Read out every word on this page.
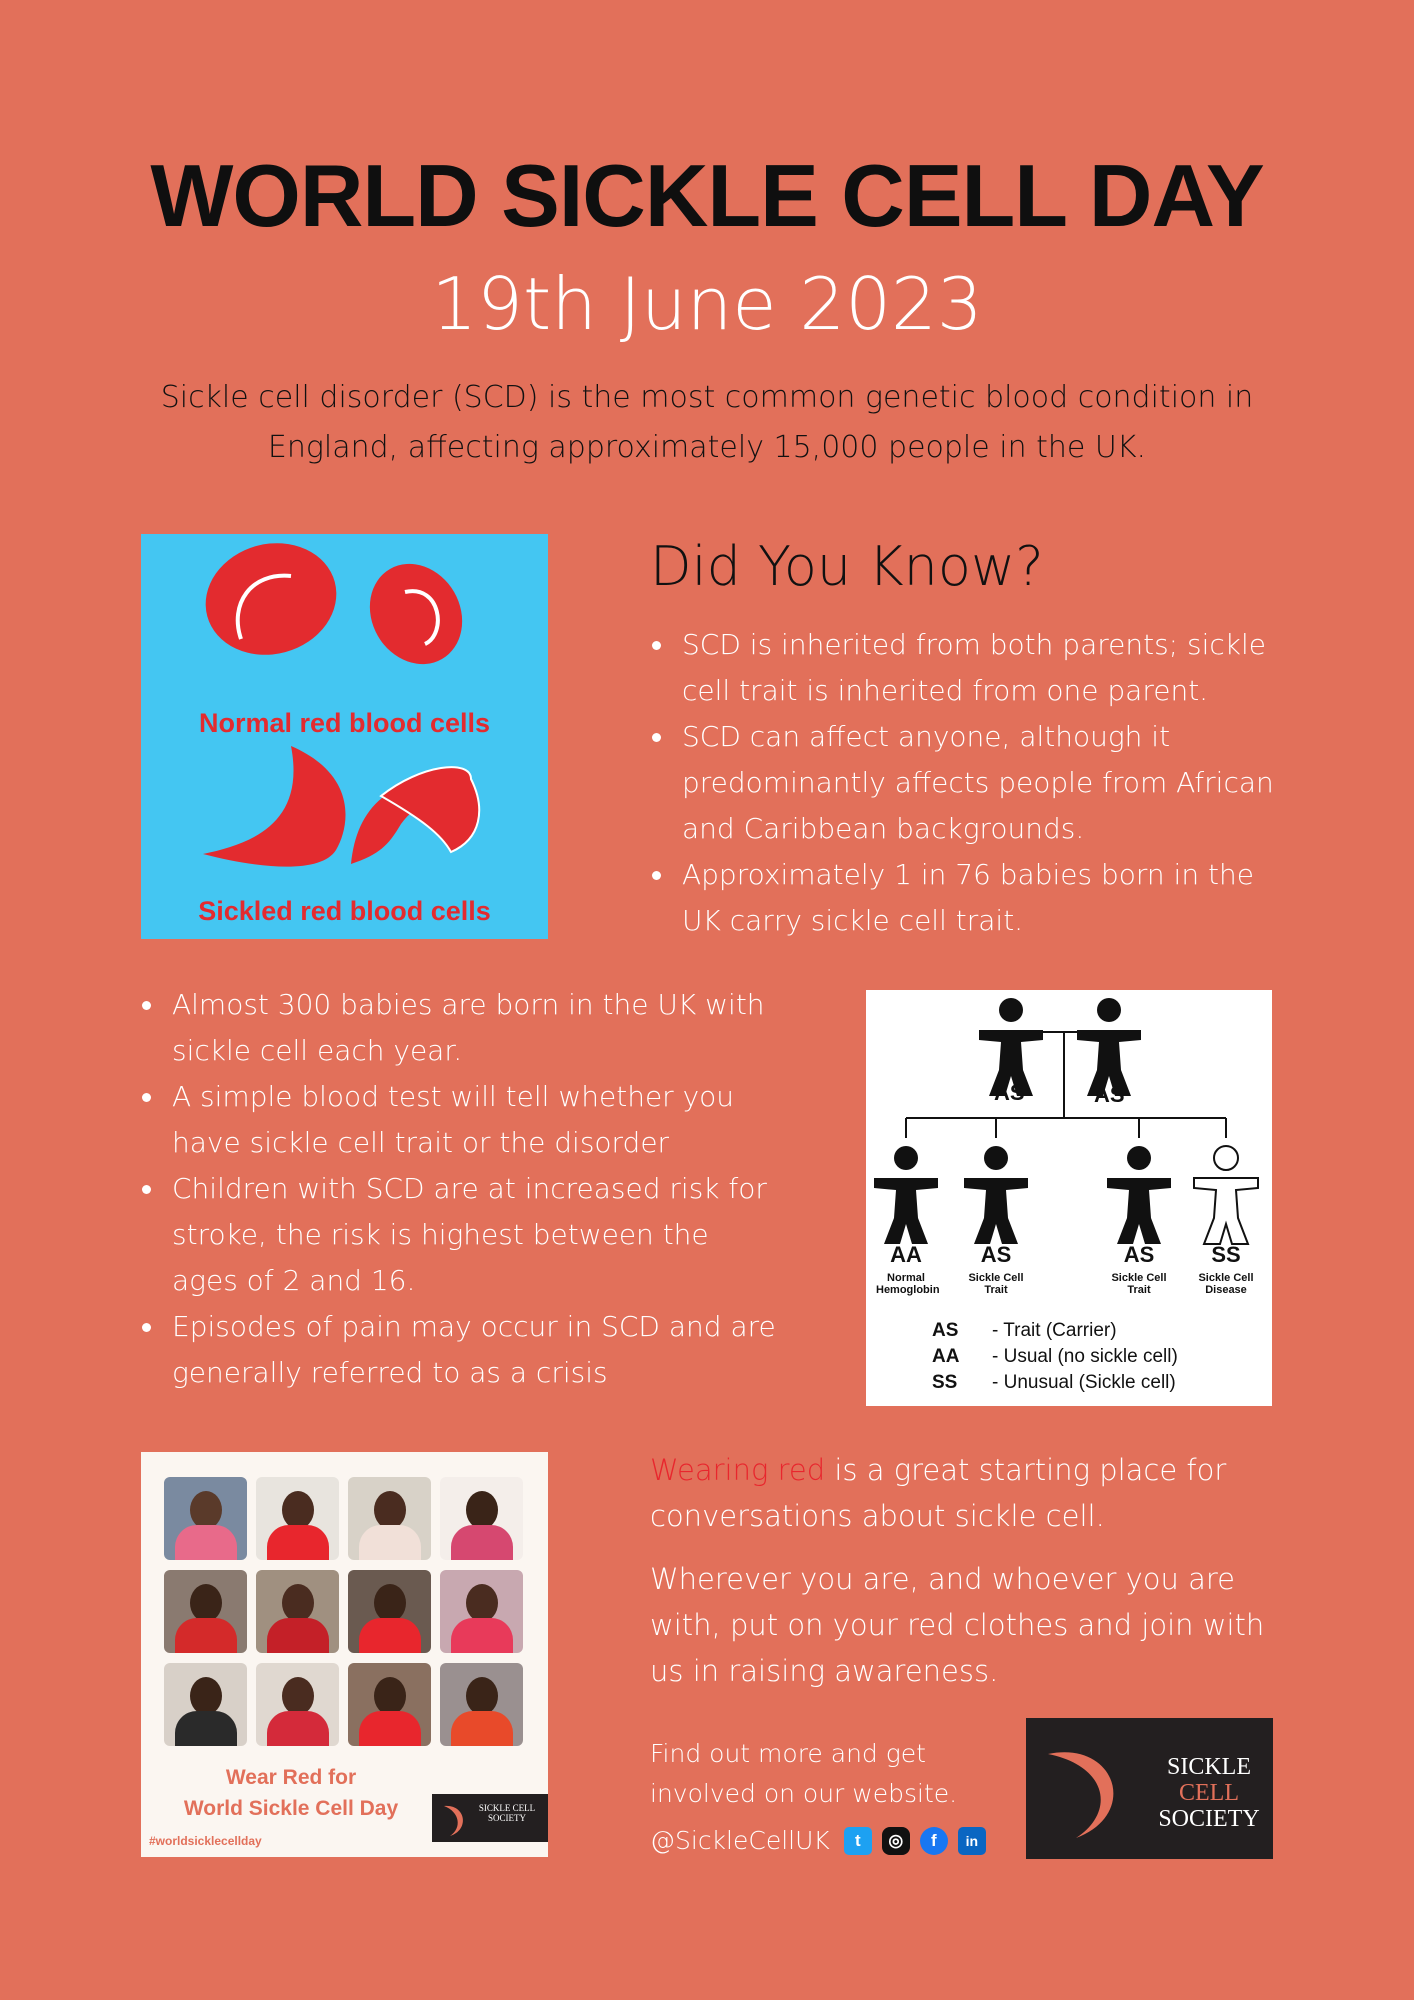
WORLD SICKLE CELL DAY
19th June 2023
Sickle cell disorder (SCD) is the most common genetic blood condition in England, affecting approximately 15,000 people in the UK.
Normal red blood cells
Sickled red blood cells
Did You Know?
SCD is inherited from both parents; sickle cell trait is inherited from one parent.
SCD can affect anyone, although it predominantly affects people from African and Caribbean backgrounds.
Approximately 1 in 76 babies born in the UK carry sickle cell trait.
Almost 300 babies are born in the UK with sickle cell each year.
A simple blood test will tell whether you have sickle cell trait or the disorder
Children with SCD are at increased risk for stroke, the risk is highest between the ages of 2 and 16.
Episodes of pain may occur in SCD and are generally referred to as a crisis
AS	AS
AA
Normal Hemoglobin
AS
Sickle Cell Trait
AS
Sickle Cell Trait
SS
Sickle Cell Disease
AS - Trait (Carrier)
AA - Usual (no sickle cell)
SS - Unusual (Sickle cell)
Wear Red for
World Sickle Cell Day
#worldsicklecellday
SICKLE CELL SOCIETY
Wearing red is a great starting place for conversations about sickle cell.
Wherever you are, and whoever you are with, put on your red clothes and join with us in raising awareness.
Find out more and get involved on our website.
@SickleCellUK	t	◎	f	in
SICKLE
CELL
SOCIETY
